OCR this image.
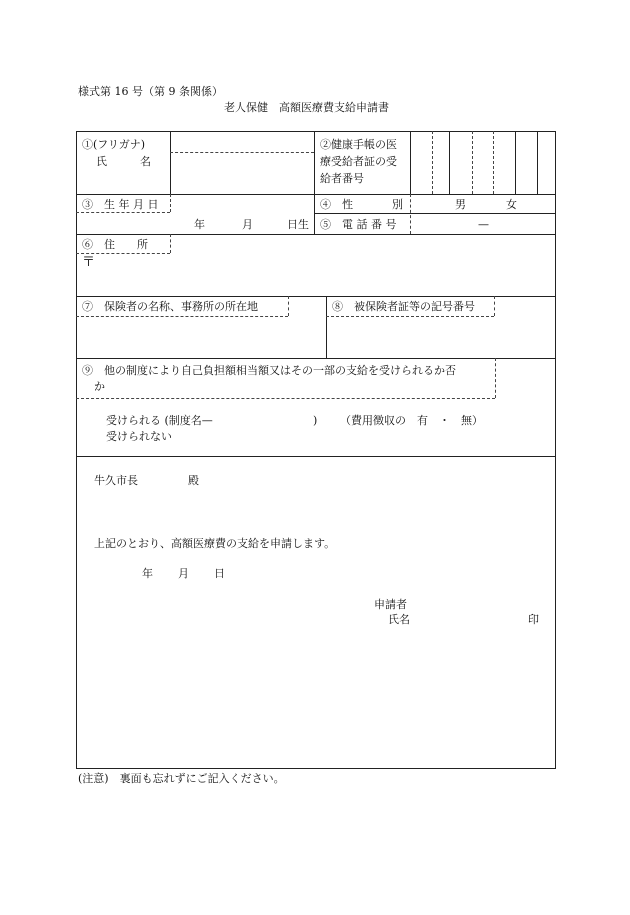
様式第 16 号（第 9 条関係）
老人保健　高額医療費支給申請書
①(フリガナ)
氏　　　名
②健康手帳の医
療受給者証の受
給者番号
③　生 年 月 日
年	月	日生
④　性	別	男	女
⑤　電 話 番 号	—
⑥　住　　所
〒
⑦　保険者の名称、事務所の所在地	⑧　被保険者証等の記号番号
⑨　他の制度により自己負担額相当額又はその一部の支給を受けられるか否
か
受けられる (制度名—	) （費用徴収の　有　・　無）
受けられない
牛久市長	殿
上記のとおり、高額医療費の支給を申請します。
年 月 日
申請者
氏名	印
(注意)　裏面も忘れずにご記入ください。
